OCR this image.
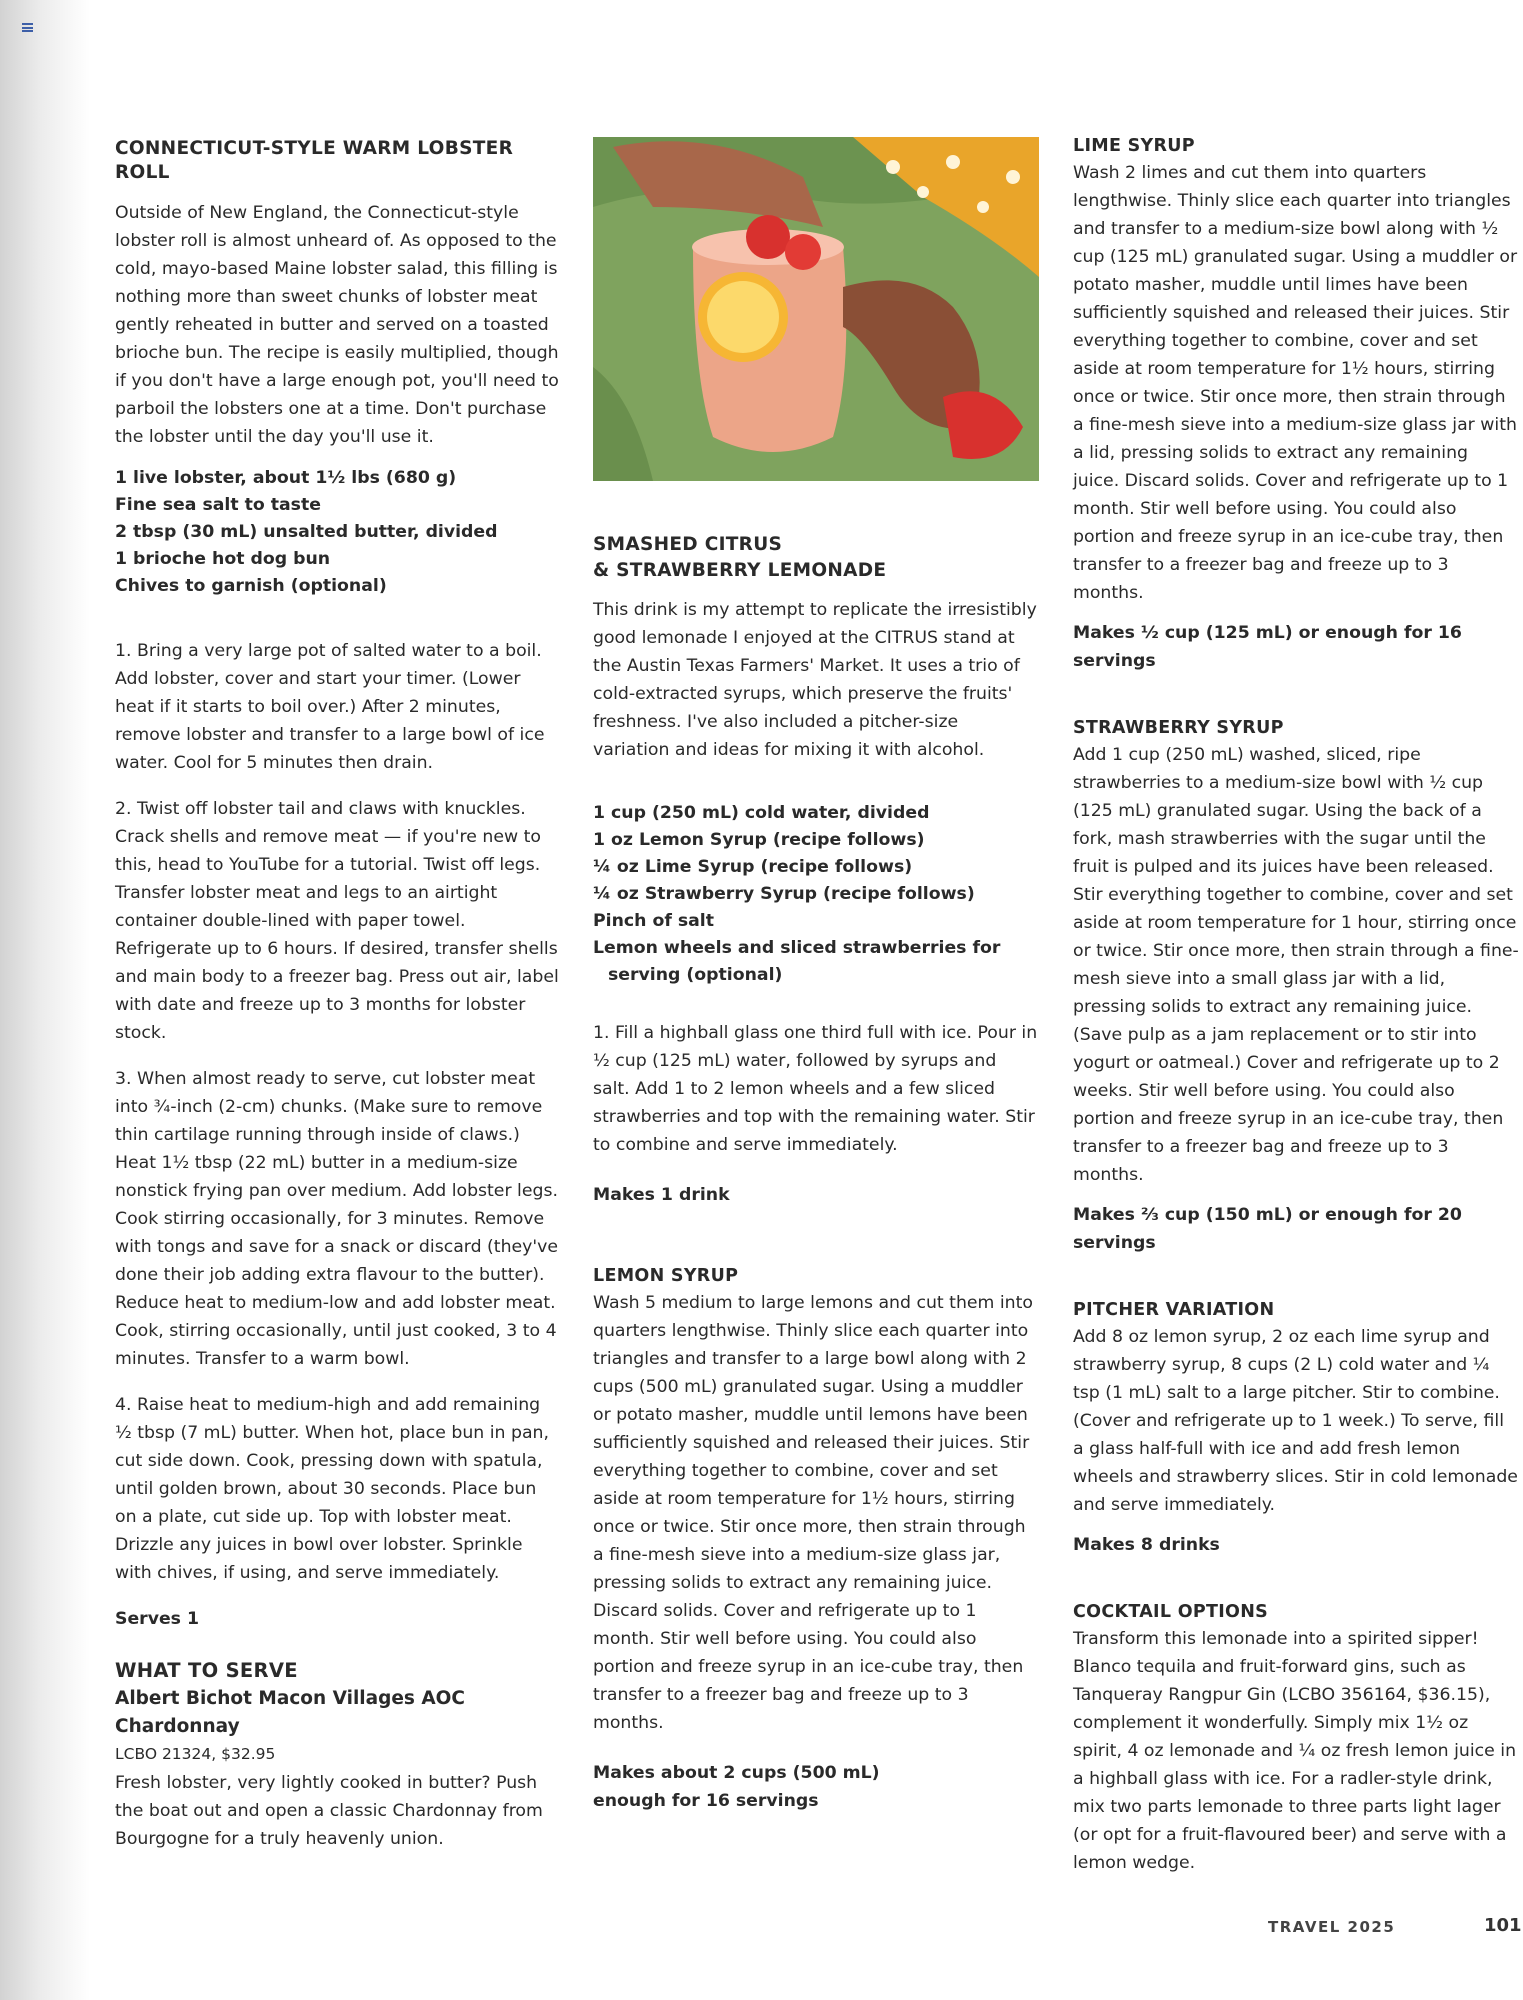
CONNECTICUT-STYLE WARM LOBSTER ROLL

Outside of New England, the Connecticut-style lobster roll is almost unheard of. As opposed to the cold, mayo-based Maine lobster salad, this filling is nothing more than sweet chunks of lobster meat gently reheated in butter and served on a toasted brioche bun. The recipe is easily multiplied, though if you don't have a large enough pot, you'll need to parboil the lobsters one at a time. Don't purchase the lobster until the day you'll use it.

1 live lobster, about 1½ lbs (680 g)
Fine sea salt to taste
2 tbsp (30 mL) unsalted butter, divided
1 brioche hot dog bun
Chives to garnish (optional)

1. Bring a very large pot of salted water to a boil. Add lobster, cover and start your timer. (Lower heat if it starts to boil over.) After 2 minutes, remove lobster and transfer to a large bowl of ice water. Cool for 5 minutes then drain.

2. Twist off lobster tail and claws with knuckles. Crack shells and remove meat — if you're new to this, head to YouTube for a tutorial. Twist off legs. Transfer lobster meat and legs to an airtight container double-lined with paper towel. Refrigerate up to 6 hours. If desired, transfer shells and main body to a freezer bag. Press out air, label with date and freeze up to 3 months for lobster stock.

3. When almost ready to serve, cut lobster meat into ¾-inch (2-cm) chunks. (Make sure to remove thin cartilage running through inside of claws.) Heat 1½ tbsp (22 mL) butter in a medium-size nonstick frying pan over medium. Add lobster legs. Cook stirring occasionally, for 3 minutes. Remove with tongs and save for a snack or discard (they've done their job adding extra flavour to the butter). Reduce heat to medium-low and add lobster meat. Cook, stirring occasionally, until just cooked, 3 to 4 minutes. Transfer to a warm bowl.

4. Raise heat to medium-high and add remaining ½ tbsp (7 mL) butter. When hot, place bun in pan, cut side down. Cook, pressing down with spatula, until golden brown, about 30 seconds. Place bun on a plate, cut side up. Top with lobster meat. Drizzle any juices in bowl over lobster. Sprinkle with chives, if using, and serve immediately.

Serves 1
WHAT TO SERVE
Albert Bichot Macon Villages AOC Chardonnay
LCBO 21324, $32.95

Fresh lobster, very lightly cooked in butter? Push the boat out and open a classic Chardonnay from Bourgogne for a truly heavenly union.

SMASHED CITRUS
& STRAWBERRY LEMONADE

This drink is my attempt to replicate the irresistibly good lemonade I enjoyed at the CITRUS stand at the Austin Texas Farmers' Market. It uses a trio of cold-extracted syrups, which preserve the fruits' freshness. I've also included a pitcher-size variation and ideas for mixing it with alcohol.

1 cup (250 mL) cold water, divided
1 oz Lemon Syrup (recipe follows)
¼ oz Lime Syrup (recipe follows)
¼ oz Strawberry Syrup (recipe follows)
Pinch of salt
Lemon wheels and sliced strawberries for serving (optional)

1. Fill a highball glass one third full with ice. Pour in ½ cup (125 mL) water, followed by syrups and salt. Add 1 to 2 lemon wheels and a few sliced strawberries and top with the remaining water. Stir to combine and serve immediately.

Makes 1 drink
LEMON SYRUP

Wash 5 medium to large lemons and cut them into quarters lengthwise. Thinly slice each quarter into triangles and transfer to a large bowl along with 2 cups (500 mL) granulated sugar. Using a muddler or potato masher, muddle until lemons have been sufficiently squished and released their juices. Stir everything together to combine, cover and set aside at room temperature for 1½ hours, stirring once or twice. Stir once more, then strain through a fine-mesh sieve into a medium-size glass jar, pressing solids to extract any remaining juice. Discard solids. Cover and refrigerate up to 1 month. Stir well before using. You could also portion and freeze syrup in an ice-cube tray, then transfer to a freezer bag and freeze up to 3 months.

Makes about 2 cups (500 mL) enough for 16 servings
LIME SYRUP

Wash 2 limes and cut them into quarters lengthwise. Thinly slice each quarter into triangles and transfer to a medium-size bowl along with ½ cup (125 mL) granulated sugar. Using a muddler or potato masher, muddle until limes have been sufficiently squished and released their juices. Stir everything together to combine, cover and set aside at room temperature for 1½ hours, stirring once or twice. Stir once more, then strain through a fine-mesh sieve into a medium-size glass jar with a lid, pressing solids to extract any remaining juice. Discard solids. Cover and refrigerate up to 1 month. Stir well before using. You could also portion and freeze syrup in an ice-cube tray, then transfer to a freezer bag and freeze up to 3 months.

Makes ½ cup (125 mL) or enough for 16 servings
STRAWBERRY SYRUP

Add 1 cup (250 mL) washed, sliced, ripe strawberries to a medium-size bowl with ½ cup (125 mL) granulated sugar. Using the back of a fork, mash strawberries with the sugar until the fruit is pulped and its juices have been released. Stir everything together to combine, cover and set aside at room temperature for 1 hour, stirring once or twice. Stir once more, then strain through a fine-mesh sieve into a small glass jar with a lid, pressing solids to extract any remaining juice. (Save pulp as a jam replacement or to stir into yogurt or oatmeal.) Cover and refrigerate up to 2 weeks. Stir well before using. You could also portion and freeze syrup in an ice-cube tray, then transfer to a freezer bag and freeze up to 3 months.

Makes ⅔ cup (150 mL) or enough for 20 servings
PITCHER VARIATION

Add 8 oz lemon syrup, 2 oz each lime syrup and strawberry syrup, 8 cups (2 L) cold water and ¼ tsp (1 mL) salt to a large pitcher. Stir to combine. (Cover and refrigerate up to 1 week.) To serve, fill a glass half-full with ice and add fresh lemon wheels and strawberry slices. Stir in cold lemonade and serve immediately.

Makes 8 drinks
COCKTAIL OPTIONS

Transform this lemonade into a spirited sipper! Blanco tequila and fruit-forward gins, such as Tanqueray Rangpur Gin (LCBO 356164, $36.15), complement it wonderfully. Simply mix 1½ oz spirit, 4 oz lemonade and ¼ oz fresh lemon juice in a highball glass with ice. For a radler-style drink, mix two parts lemonade to three parts light lager (or opt for a fruit-flavoured beer) and serve with a lemon wedge.

TRAVEL 2025	101
